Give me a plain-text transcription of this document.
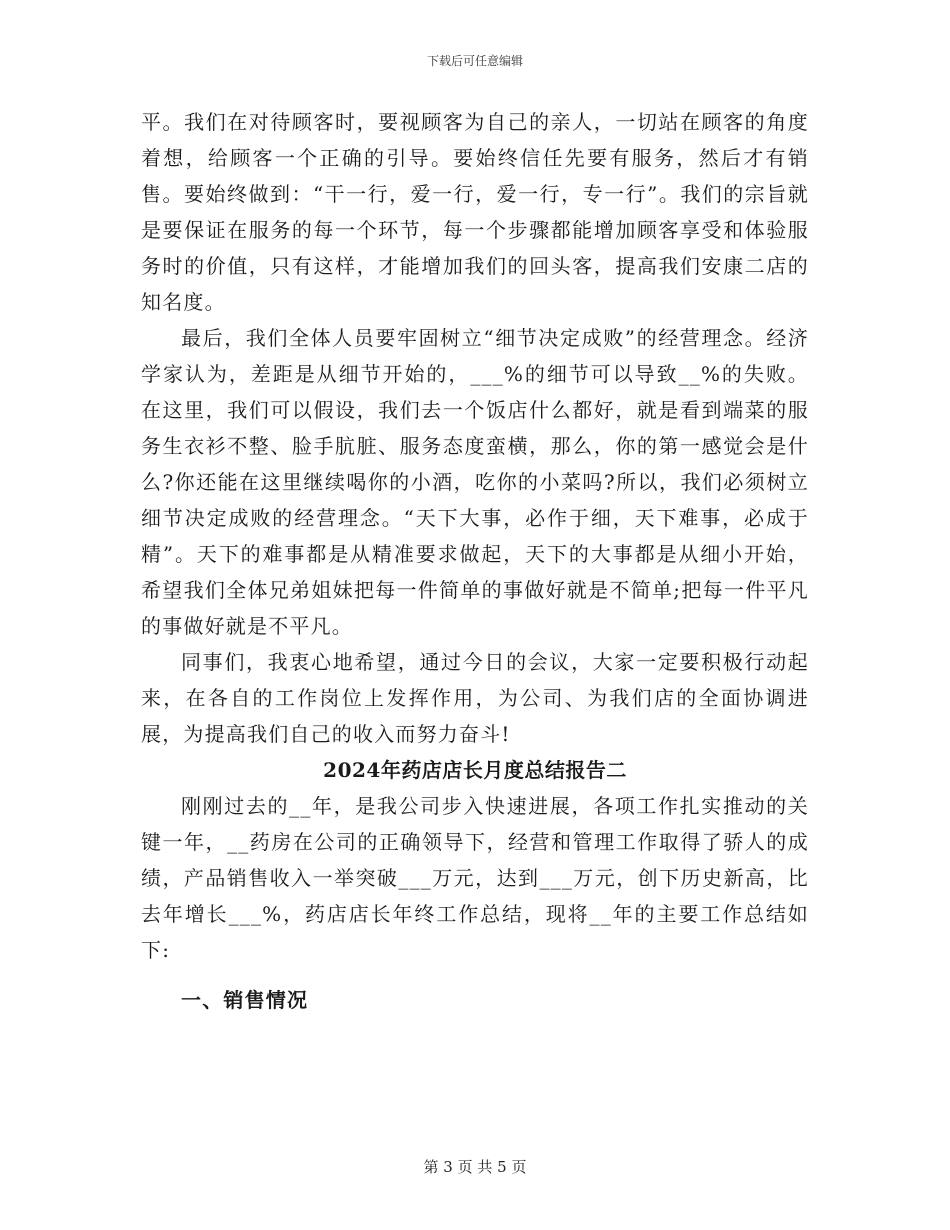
下载后可任意编辑

平。我们在对待顾客时，要视顾客为自己的亲人，一切站在顾客的角度着想，给顾客一个正确的引导。要始终信任先要有服务，然后才有销售。要始终做到：“干一行，爱一行，爱一行，专一行”。我们的宗旨就是要保证在服务的每一个环节，每一个步骤都能增加顾客享受和体验服务时的价值，只有这样，才能增加我们的回头客，提高我们安康二店的知名度。

最后，我们全体人员要牢固树立“细节决定成败”的经营理念。经济学家认为，差距是从细节开始的，___%的细节可以导致__%的失败。在这里，我们可以假设，我们去一个饭店什么都好，就是看到端菜的服务生衣衫不整、脸手肮脏、服务态度蛮横，那么，你的第一感觉会是什么?你还能在这里继续喝你的小酒，吃你的小菜吗?所以，我们必须树立细节决定成败的经营理念。“天下大事，必作于细，天下难事，必成于精”。天下的难事都是从精准要求做起，天下的大事都是从细小开始，希望我们全体兄弟姐妹把每一件简单的事做好就是不简单;把每一件平凡的事做好就是不平凡。

同事们，我衷心地希望，通过今日的会议，大家一定要积极行动起来，在各自的工作岗位上发挥作用，为公司、为我们店的全面协调进展，为提高我们自己的收入而努力奋斗!

2024年药店店长月度总结报告二

刚刚过去的__年，是我公司步入快速进展，各项工作扎实推动的关键一年，__药房在公司的正确领导下，经营和管理工作取得了骄人的成绩，产品销售收入一举突破___万元，达到___万元，创下历史新高，比去年增长___%，药店店长年终工作总结，现将__年的主要工作总结如下:

一、销售情况

第 3 页 共 5 页
